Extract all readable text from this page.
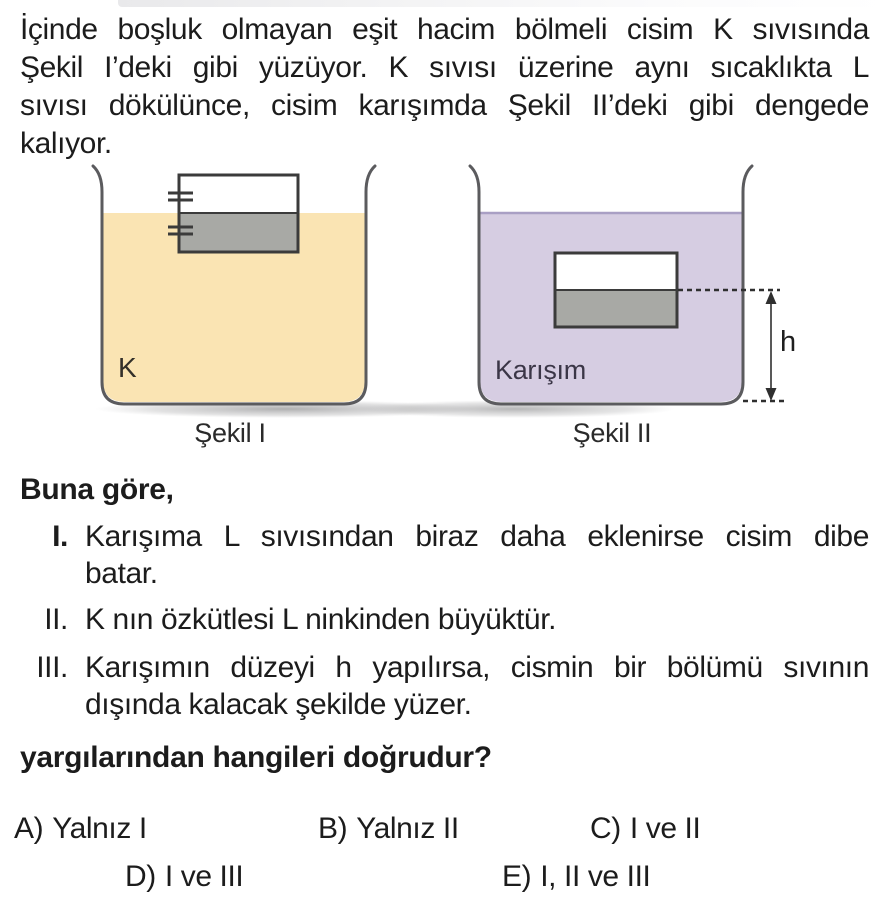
İçinde boşluk olmayan eşit hacim bölmeli cisim K sıvısında
Şekil I’deki gibi yüzüyor. K sıvısı üzerine aynı sıcaklıkta L
sıvısı dökülünce, cisim karışımda Şekil II’deki gibi dengede
kalıyor.
K
Şekil I
h
Karışım
Şekil II
Buna göre,
I. Karışıma L sıvısından biraz daha eklenirse cisim dibe
batar.
II. K nın özkütlesi L ninkinden büyüktür.
III. Karışımın düzeyi h yapılırsa, cismin bir bölümü sıvının
dışında kalacak şekilde yüzer.
yargılarından hangileri doğrudur?
A) Yalnız I	B) Yalnız II	C) I ve II
D) I ve III	E) I, II ve III
